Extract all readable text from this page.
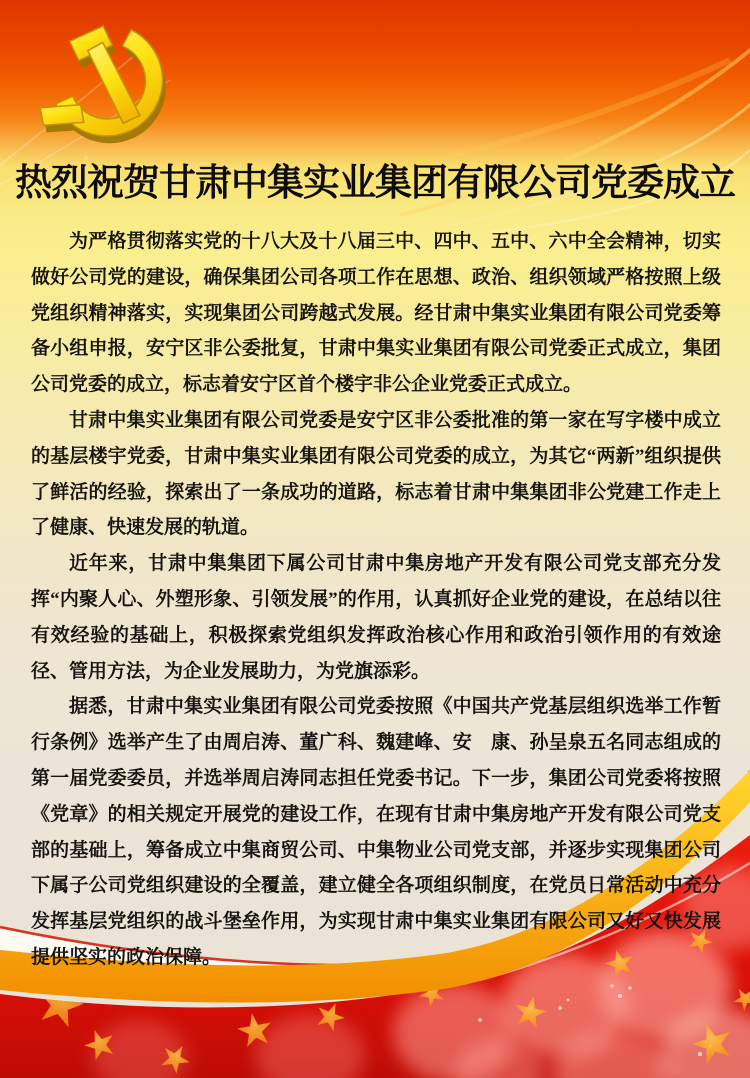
热烈祝贺甘肃中集实业集团有限公司党委成立

为严格贯彻落实党的十八大及十八届三中、四中、五中、六中全会精神，切实做好公司党的建设，确保集团公司各项工作在思想、政治、组织领域严格按照上级党组织精神落实，实现集团公司跨越式发展。经甘肃中集实业集团有限公司党委筹备小组申报，安宁区非公委批复，甘肃中集实业集团有限公司党委正式成立，集团公司党委的成立，标志着安宁区首个楼宇非公企业党委正式成立。

甘肃中集实业集团有限公司党委是安宁区非公委批准的第一家在写字楼中成立的基层楼宇党委，甘肃中集实业集团有限公司党委的成立，为其它“两新”组织提供了鲜活的经验，探索出了一条成功的道路，标志着甘肃中集集团非公党建工作走上了健康、快速发展的轨道。

近年来，甘肃中集集团下属公司甘肃中集房地产开发有限公司党支部充分发挥“内聚人心、外塑形象、引领发展”的作用，认真抓好企业党的建设，在总结以往有效经验的基础上，积极探索党组织发挥政治核心作用和政治引领作用的有效途径、管用方法，为企业发展助力，为党旗添彩。

据悉，甘肃中集实业集团有限公司党委按照《中国共产党基层组织选举工作暂行条例》选举产生了由周启涛、董广科、魏建峰、安　康、孙呈泉五名同志组成的第一届党委委员，并选举周启涛同志担任党委书记。下一步，集团公司党委将按照《党章》的相关规定开展党的建设工作，在现有甘肃中集房地产开发有限公司党支部的基础上，筹备成立中集商贸公司、中集物业公司党支部，并逐步实现集团公司下属子公司党组织建设的全覆盖，建立健全各项组织制度，在党员日常活动中充分发挥基层党组织的战斗堡垒作用，为实现甘肃中集实业集团有限公司又好又快发展提供坚实的政治保障。
